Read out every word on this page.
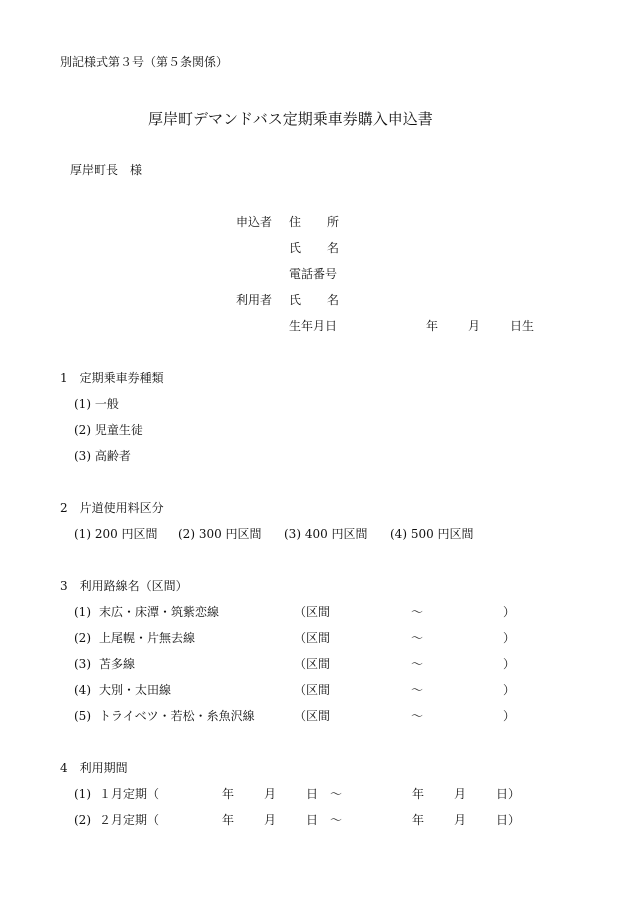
別記様式第３号（第５条関係）
厚岸町デマンドバス定期乗車券購入申込書
厚岸町長　様
申込者 住所
氏名
電話番号
利用者 氏名
生年月日	年 月 日生
1　定期乗車券種類
(1) 一般
(2) 児童生徒
(3) 高齢者
2　片道使用料区分
(1) 200 円区間 (2) 300 円区間 (3) 400 円区間 (4) 500 円区間
3　利用路線名（区間）
(1) 末広・床潭・筑紫恋線	（区間	～	）
(2) 上尾幌・片無去線	（区間	～	）
(3) 苫多線	（区間	～	）
(4) 大別・太田線	（区間	～	）
(5) トライベツ・若松・糸魚沢線	（区間	～	）
4　利用期間
(1) １月定期（	年 月 日 ～	年 月 日）
(2) ２月定期（	年 月 日 ～	年 月 日）
